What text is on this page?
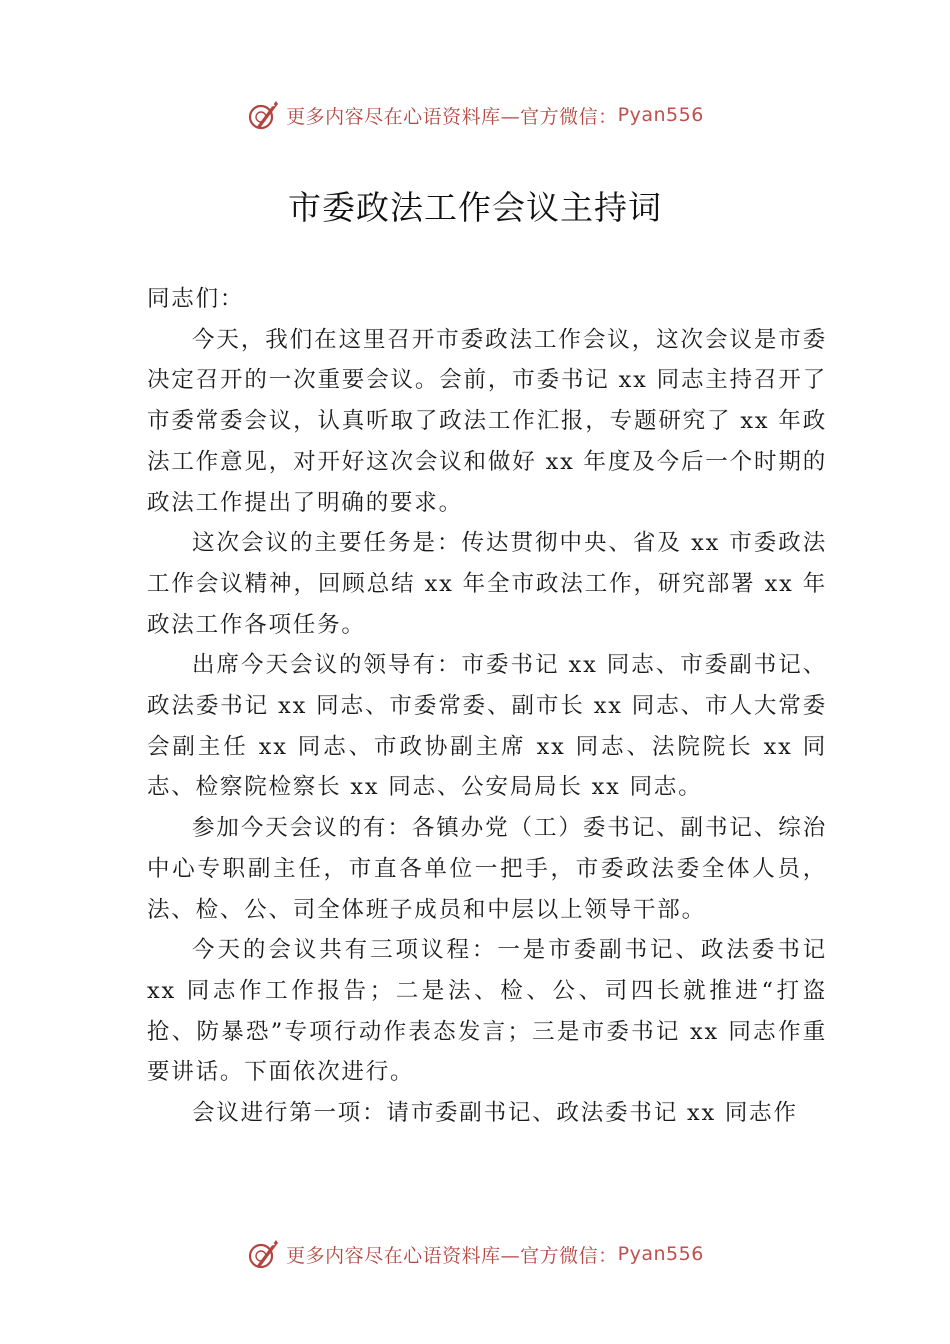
更多内容尽在心语资料库—官方微信： Pyan556
市委政法工作会议主持词

同志们：

今天，我们在这里召开市委政法工作会议，这次会议是市委决定召开的一次重要会议。会前，市委书记 xx 同志主持召开了市委常委会议，认真听取了政法工作汇报，专题研究了 xx 年政法工作意见，对开好这次会议和做好 xx 年度及今后一个时期的政法工作提出了明确的要求。

这次会议的主要任务是：传达贯彻中央、省及 xx 市委政法工作会议精神，回顾总结 xx 年全市政法工作，研究部署 xx 年政法工作各项任务。

出席今天会议的领导有：市委书记 xx 同志、市委副书记、政法委书记 xx 同志、市委常委、副市长 xx 同志、市人大常委会副主任 xx 同志、市政协副主席 xx 同志、法院院长 xx 同志、检察院检察长 xx 同志、公安局局长 xx 同志。

参加今天会议的有：各镇办党（工）委书记、副书记、综治中心专职副主任，市直各单位一把手，市委政法委全体人员，法、检、公、司全体班子成员和中层以上领导干部。

今天的会议共有三项议程：一是市委副书记、政法委书记 xx 同志作工作报告；二是法、检、公、司四长就推进“打盗抢、防暴恐”专项行动作表态发言；三是市委书记 xx 同志作重要讲话。下面依次进行。

会议进行第一项：请市委副书记、政法委书记 xx 同志作

更多内容尽在心语资料库—官方微信： Pyan556
